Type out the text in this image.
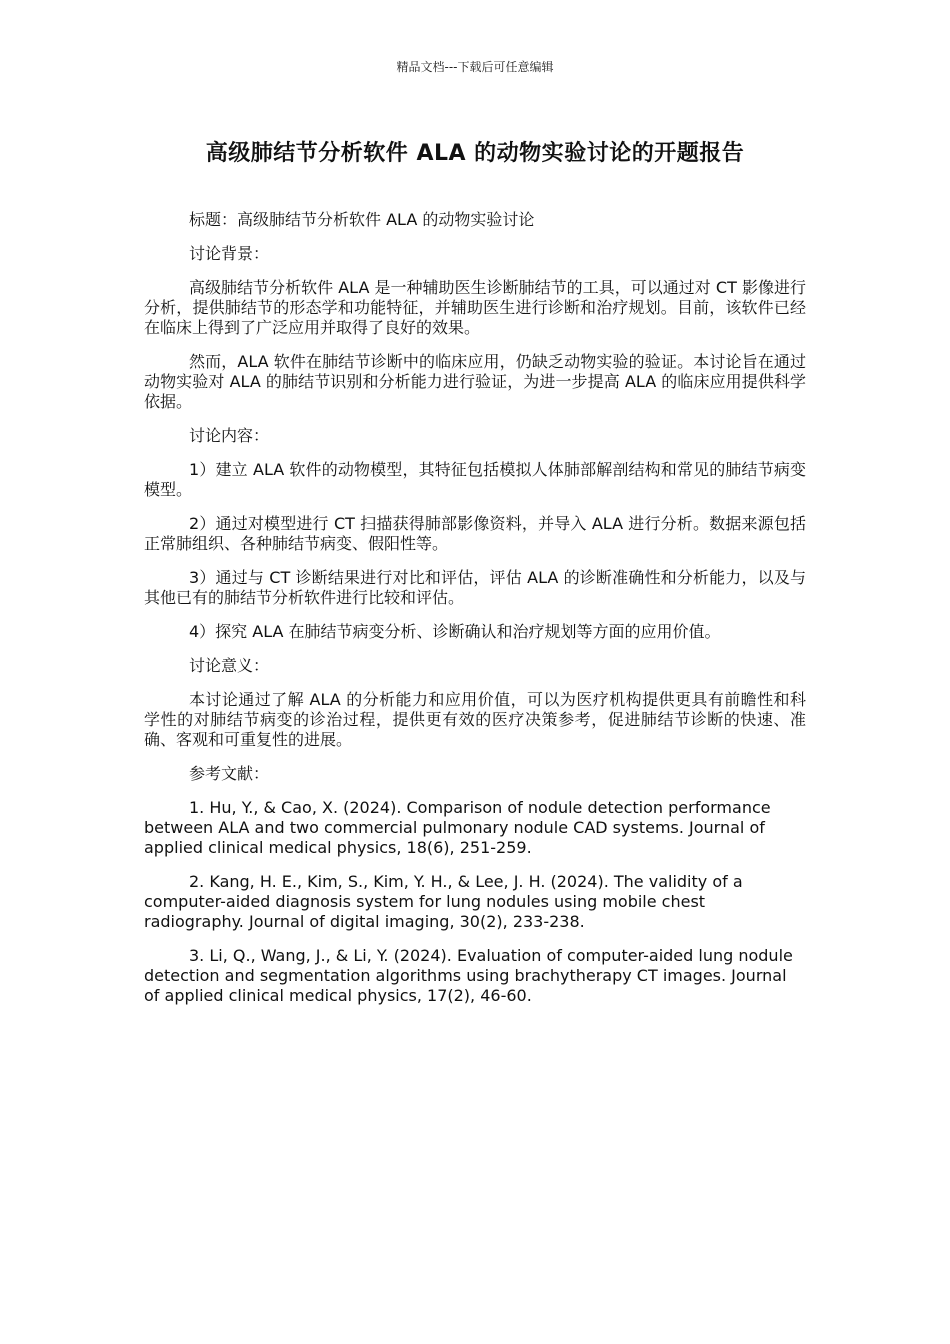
精品文档---下载后可任意编辑
高级肺结节分析软件 ALA 的动物实验讨论的开题报告

标题：高级肺结节分析软件 ALA 的动物实验讨论

讨论背景：

高级肺结节分析软件 ALA 是一种辅助医生诊断肺结节的工具，可以通过对 CT 影像进行分析，提供肺结节的形态学和功能特征，并辅助医生进行诊断和治疗规划。目前，该软件已经在临床上得到了广泛应用并取得了良好的效果。

然而，ALA 软件在肺结节诊断中的临床应用，仍缺乏动物实验的验证。本讨论旨在通过动物实验对 ALA 的肺结节识别和分析能力进行验证，为进一步提高 ALA 的临床应用提供科学依据。

讨论内容：

1）建立 ALA 软件的动物模型，其特征包括模拟人体肺部解剖结构和常见的肺结节病变模型。

2）通过对模型进行 CT 扫描获得肺部影像资料，并导入 ALA 进行分析。数据来源包括正常肺组织、各种肺结节病变、假阳性等。

3）通过与 CT 诊断结果进行对比和评估，评估 ALA 的诊断准确性和分析能力，以及与其他已有的肺结节分析软件进行比较和评估。

4）探究 ALA 在肺结节病变分析、诊断确认和治疗规划等方面的应用价值。

讨论意义：

本讨论通过了解 ALA 的分析能力和应用价值，可以为医疗机构提供更具有前瞻性和科学性的对肺结节病变的诊治过程，提供更有效的医疗决策参考，促进肺结节诊断的快速、准确、客观和可重复性的进展。

参考文献：

1. Hu, Y., & Cao, X. (2024). Comparison of nodule detection performance between ALA and two commercial pulmonary nodule CAD systems. Journal of applied clinical medical physics, 18(6), 251-259.

2. Kang, H. E., Kim, S., Kim, Y. H., & Lee, J. H. (2024). The validity of a computer-aided diagnosis system for lung nodules using mobile chest radiography. Journal of digital imaging, 30(2), 233-238.

3. Li, Q., Wang, J., & Li, Y. (2024). Evaluation of computer-aided lung nodule detection and segmentation algorithms using brachytherapy CT images. Journal of applied clinical medical physics, 17(2), 46-60.
